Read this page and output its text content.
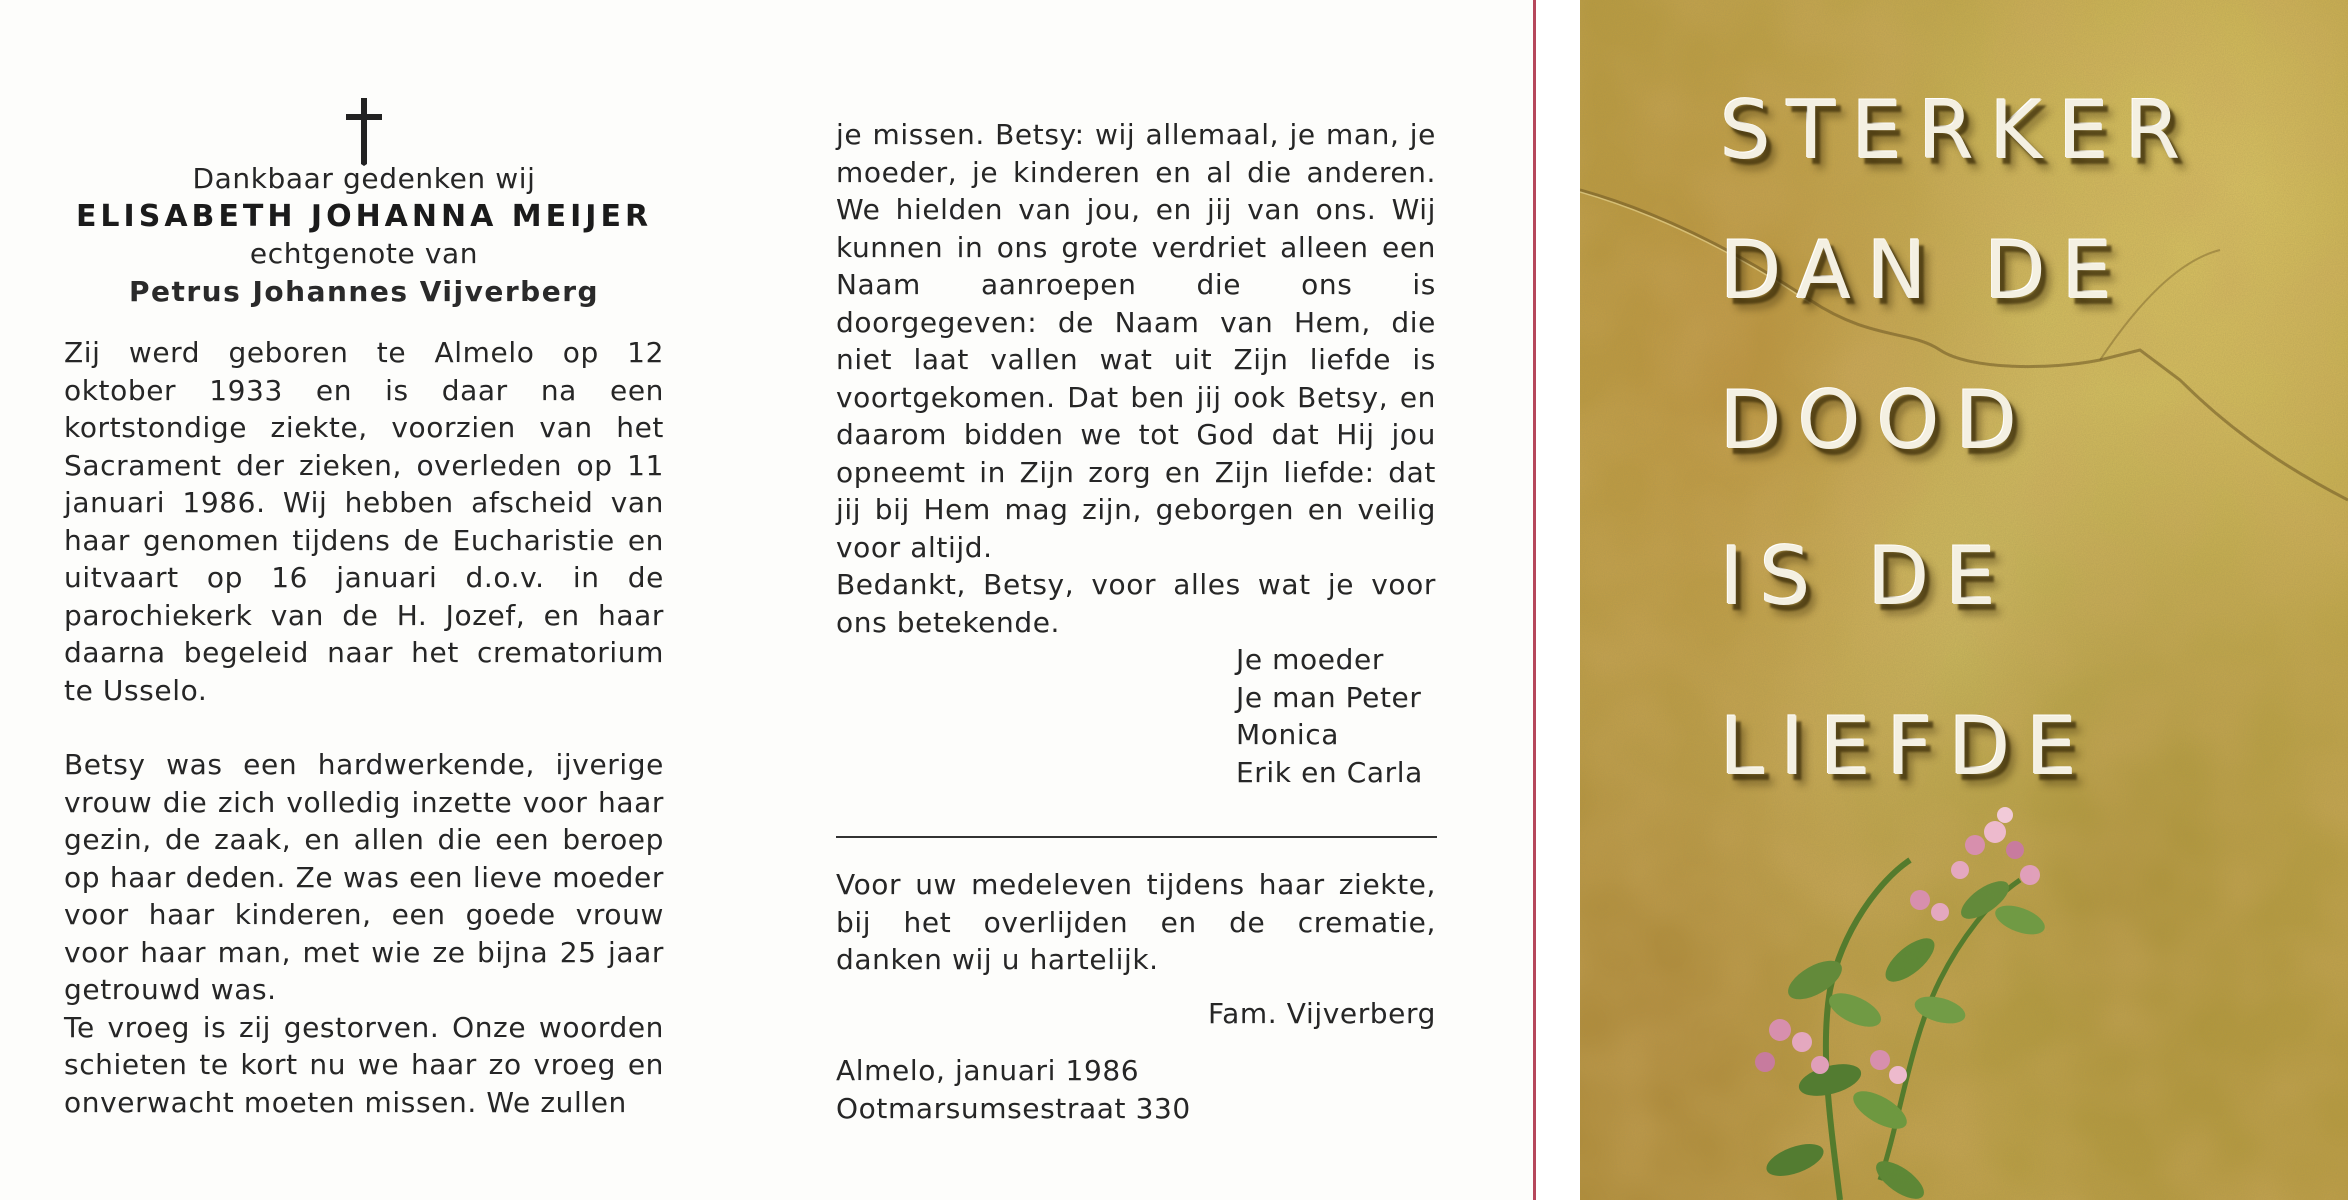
Dankbaar gedenken wij
ELISABETH JOHANNA MEIJER
echtgenote van
Petrus Johannes Vijverberg
Zij werd geboren te Almelo op 12 oktober 1933 en is daar na een kortstondige ziekte, voorzien van het Sacrament der zieken, overleden op 11 januari 1986. Wij hebben afscheid van haar genomen tijdens de Eucharistie en uitvaart op 16 januari d.o.v. in de parochiekerk van de H. Jozef, en haar daarna begeleid naar het crematorium te Usselo.
Betsy was een hardwerkende, ijverige vrouw die zich volledig inzette voor haar gezin, de zaak, en allen die een beroep op haar deden. Ze was een lieve moeder voor haar kinderen, een goede vrouw voor haar man, met wie ze bijna 25 jaar getrouwd was.
Te vroeg is zij gestorven. Onze woorden schieten te kort nu we haar zo vroeg en onverwacht moeten missen. We zullen
je missen. Betsy: wij allemaal, je man, je moeder, je kinderen en al die anderen. We hielden van jou, en jij van ons. Wij kunnen in ons grote verdriet alleen een Naam aanroepen die ons is doorgegeven: de Naam van Hem, die niet laat vallen wat uit Zijn liefde is voortgekomen. Dat ben jij ook Betsy, en daarom bidden we tot God dat Hij jou opneemt in Zijn zorg en Zijn liefde: dat jij bij Hem mag zijn, geborgen en veilig voor altijd.
Bedankt, Betsy, voor alles wat je voor ons betekende.
Je moeder
Je man Peter
Monica
Erik en Carla
Voor uw medeleven tijdens haar ziekte, bij het overlijden en de crematie, danken wij u hartelijk.
Fam. Vijverberg
Almelo, januari 1986
Ootmarsumsestraat 330
STERKER
DAN DE
DOOD
IS DE
LIEFDE
